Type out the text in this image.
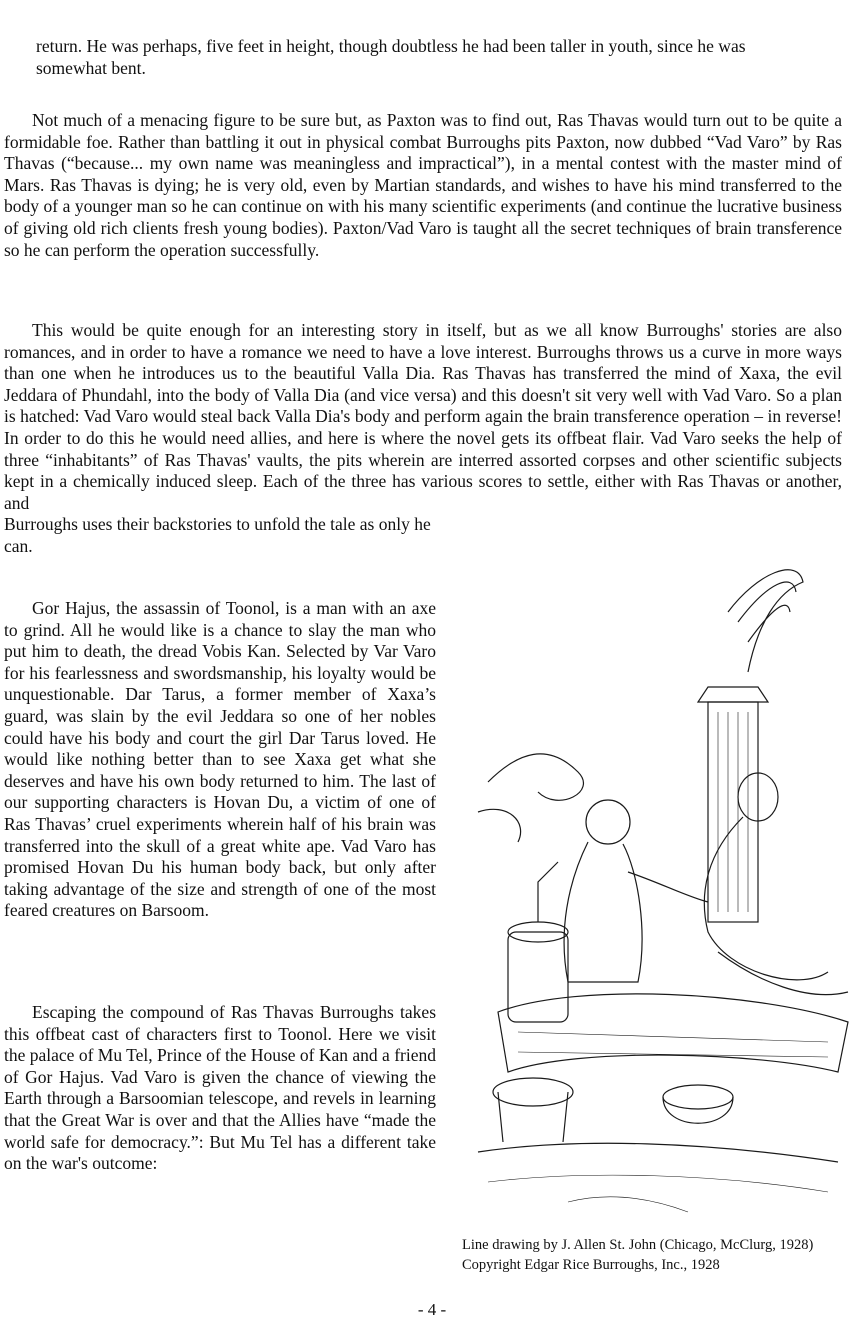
return. He was perhaps, five feet in height, though doubtless he had been taller in youth, since he was somewhat bent.

Not much of a menacing figure to be sure but, as Paxton was to find out, Ras Thavas would turn out to be quite a formidable foe. Rather than battling it out in physical combat Burroughs pits Paxton, now dubbed “Vad Varo” by Ras Thavas (“because... my own name was meaningless and impractical”), in a mental contest with the master mind of Mars. Ras Thavas is dying; he is very old, even by Martian standards, and wishes to have his mind transferred to the body of a younger man so he can continue on with his many scientific experiments (and continue the lucrative business of giving old rich clients fresh young bodies). Paxton/Vad Varo is taught all the secret techniques of brain transference so he can perform the operation successfully.

This would be quite enough for an interesting story in itself, but as we all know Burroughs' stories are also romances, and in order to have a romance we need to have a love interest. Burroughs throws us a curve in more ways than one when he introduces us to the beautiful Valla Dia. Ras Thavas has transferred the mind of Xaxa, the evil Jeddara of Phundahl, into the body of Valla Dia (and vice versa) and this doesn't sit very well with Vad Varo. So a plan is hatched: Vad Varo would steal back Valla Dia's body and perform again the brain transference operation – in reverse! In order to do this he would need allies, and here is where the novel gets its offbeat flair. Vad Varo seeks the help of three “inhabitants” of Ras Thavas' vaults, the pits wherein are interred assorted corpses and other scientific subjects kept in a chemically induced sleep. Each of the three has various scores to settle, either with Ras Thavas or another, and

Burroughs uses their backstories to unfold the tale as only he can.

Gor Hajus, the assassin of Toonol, is a man with an axe to grind. All he would like is a chance to slay the man who put him to death, the dread Vobis Kan. Selected by Var Varo for his fearlessness and swordsmanship, his loyalty would be unquestionable. Dar Tarus, a former member of Xaxa’s guard, was slain by the evil Jeddara so one of her nobles could have his body and court the girl Dar Tarus loved. He would like nothing better than to see Xaxa get what she deserves and have his own body returned to him. The last of our supporting characters is Hovan Du, a victim of one of Ras Thavas’ cruel experiments wherein half of his brain was transferred into the skull of a great white ape. Vad Varo has promised Hovan Du his human body back, but only after taking advantage of the size and strength of one of the most feared creatures on Barsoom.

Escaping the compound of Ras Thavas Burroughs takes this offbeat cast of characters first to Toonol. Here we visit the palace of Mu Tel, Prince of the House of Kan and a friend of Gor Hajus. Vad Varo is given the chance of viewing the Earth through a Barsoomian telescope, and revels in learning that the Great War is over and that the Allies have “made the world safe for democracy.”: But Mu Tel has a different take on the war's outcome:

Line drawing by J. Allen St. John (Chicago, McClurg, 1928) Copyright Edgar Rice Burroughs, Inc., 1928

- 4 -
